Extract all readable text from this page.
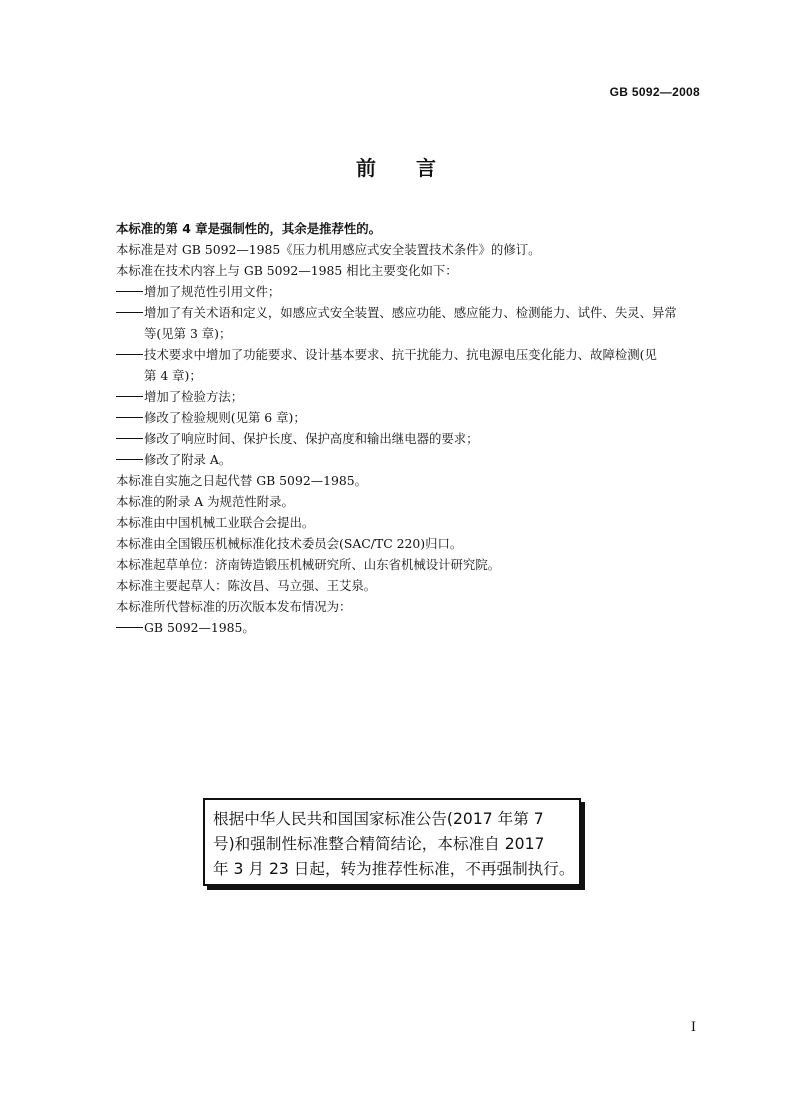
GB 5092—2008
前言

本标准的第 4 章是强制性的，其余是推荐性的。

本标准是对 GB 5092—1985《压力机用感应式安全装置技术条件》的修订。

本标准在技术内容上与 GB 5092—1985 相比主要变化如下：

增加了规范性引用文件；
增加了有关术语和定义，如感应式安全装置、感应功能、感应能力、检测能力、试件、失灵、异常
等(见第 3 章)；
技术要求中增加了功能要求、设计基本要求、抗干扰能力、抗电源电压变化能力、故障检测(见
第 4 章)；
增加了检验方法；
修改了检验规则(见第 6 章)；
修改了响应时间、保护长度、保护高度和输出继电器的要求；
修改了附录 A。

本标准自实施之日起代替 GB 5092—1985。

本标准的附录 A 为规范性附录。

本标准由中国机械工业联合会提出。

本标准由全国锻压机械标准化技术委员会(SAC/TC 220)归口。

本标准起草单位：济南铸造锻压机械研究所、山东省机械设计研究院。

本标准主要起草人：陈汝昌、马立强、王艾泉。

本标准所代替标准的历次版本发布情况为：

GB 5092—1985。
根据中华人民共和国国家标准公告(2017 年第 7
号)和强制性标准整合精简结论，本标准自 2017
年 3 月 23 日起，转为推荐性标准，不再强制执行。
I
